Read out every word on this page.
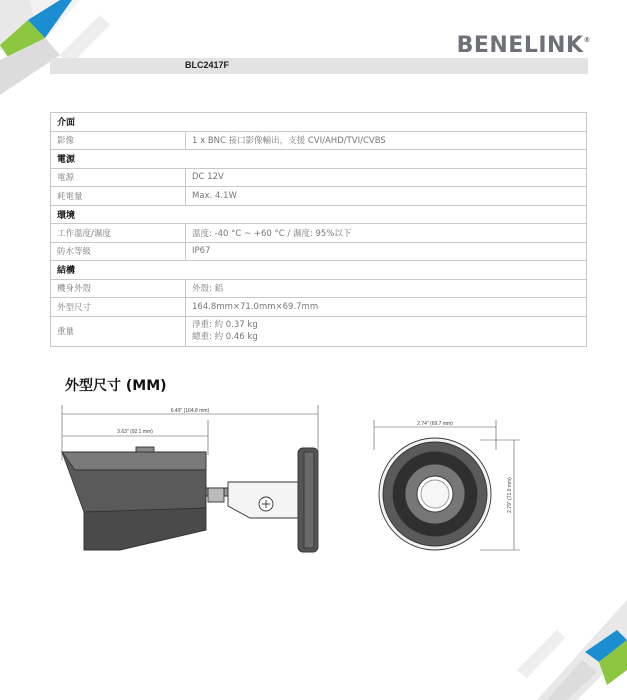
BENELINK®
BLC2417F
介面	
影像	1 x BNC 接口影像輸出，支援 CVI/AHD/TVI/CVBS
電源	
電源	DC 12V
耗電量	Max. 4.1W
環境	
工作溫度/濕度	溫度: -40 °C ~ +60 °C / 濕度: 95%以下
防水等級	IP67
結構	
機身外殼	外殼: 鋁
外型尺寸	164.8mm×71.0mm×69.7mm
重量	淨重: 約 0.37 kg
總重: 約 0.46 kg
外型尺寸 (MM)
6.49" (164.8 mm)
3.63" (92.1 mm)
2.74" (69.7 mm)
2.79" (71.0 mm)
